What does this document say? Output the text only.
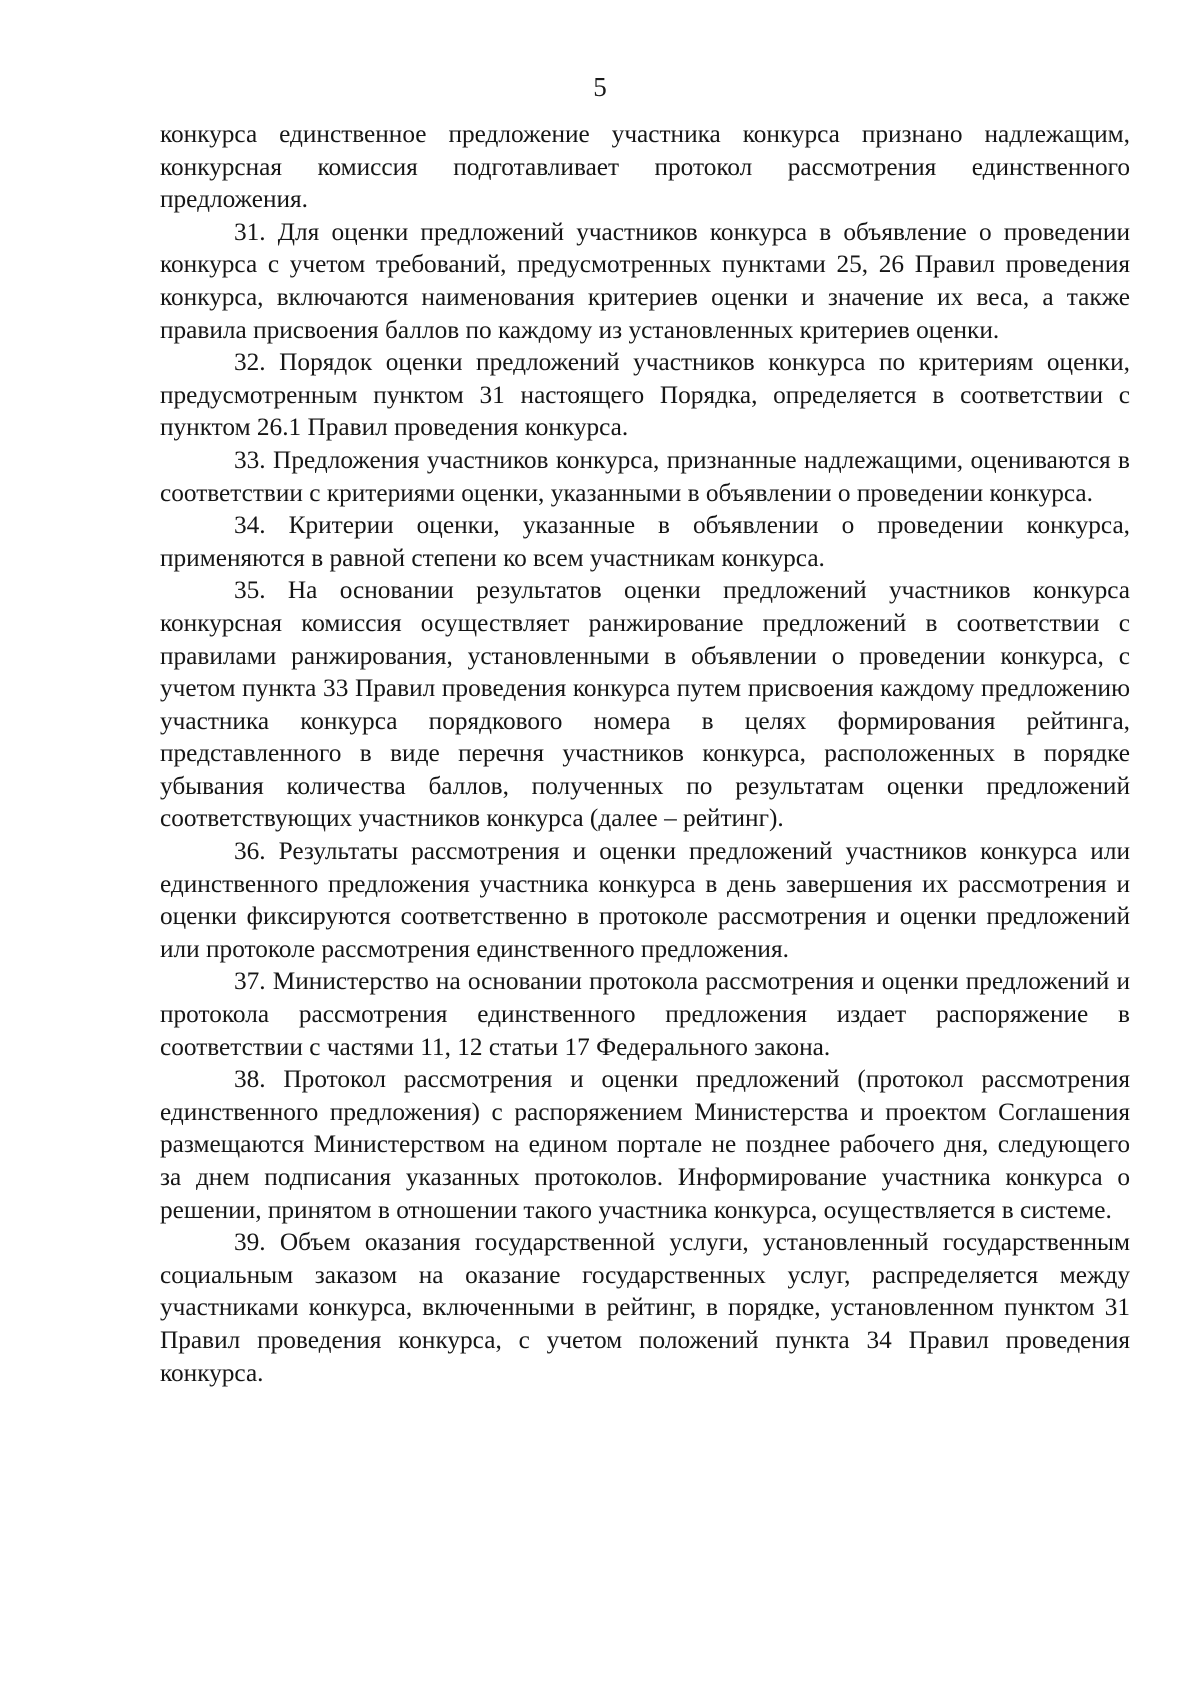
5

конкурса единственное предложение участника конкурса признано надлежащим, конкурсная комиссия подготавливает протокол рассмотрения единственного предложения.

31. Для оценки предложений участников конкурса в объявление о проведении конкурса с учетом требований, предусмотренных пунктами 25, 26 Правил проведения конкурса, включаются наименования критериев оценки и значение их веса, а также правила присвоения баллов по каждому из установленных критериев оценки.

32. Порядок оценки предложений участников конкурса по критериям оценки, предусмотренным пунктом 31 настоящего Порядка, определяется в соответствии с пунктом 26.1 Правил проведения конкурса.

33. Предложения участников конкурса, признанные надлежащими, оцениваются в соответствии с критериями оценки, указанными в объявлении о проведении конкурса.

34. Критерии оценки, указанные в объявлении о проведении конкурса, применяются в равной степени ко всем участникам конкурса.

35. На основании результатов оценки предложений участников конкурса конкурсная комиссия осуществляет ранжирование предложений в соответствии с правилами ранжирования, установленными в объявлении о проведении конкурса, с учетом пункта 33 Правил проведения конкурса путем присвоения каждому предложению участника конкурса порядкового номера в целях формирования рейтинга, представленного в виде перечня участников конкурса, расположенных в порядке убывания количества баллов, полученных по результатам оценки предложений соответствующих участников конкурса (далее – рейтинг).

36. Результаты рассмотрения и оценки предложений участников конкурса или единственного предложения участника конкурса в день завершения их рассмотрения и оценки фиксируются соответственно в протоколе рассмотрения и оценки предложений или протоколе рассмотрения единственного предложения.

37. Министерство на основании протокола рассмотрения и оценки предложений и протокола рассмотрения единственного предложения издает распоряжение в соответствии с частями 11, 12 статьи 17 Федерального закона.

38. Протокол рассмотрения и оценки предложений (протокол рассмотрения единственного предложения) с распоряжением Министерства и проектом Соглашения размещаются Министерством на едином портале не позднее рабочего дня, следующего за днем подписания указанных протоколов. Информирование участника конкурса о решении, принятом в отношении такого участника конкурса, осуществляется в системе.

39. Объем оказания государственной услуги, установленный государственным социальным заказом на оказание государственных услуг, распределяется между участниками конкурса, включенными в рейтинг, в порядке, установленном пунктом 31 Правил проведения конкурса, с учетом положений пункта 34 Правил проведения конкурса.
